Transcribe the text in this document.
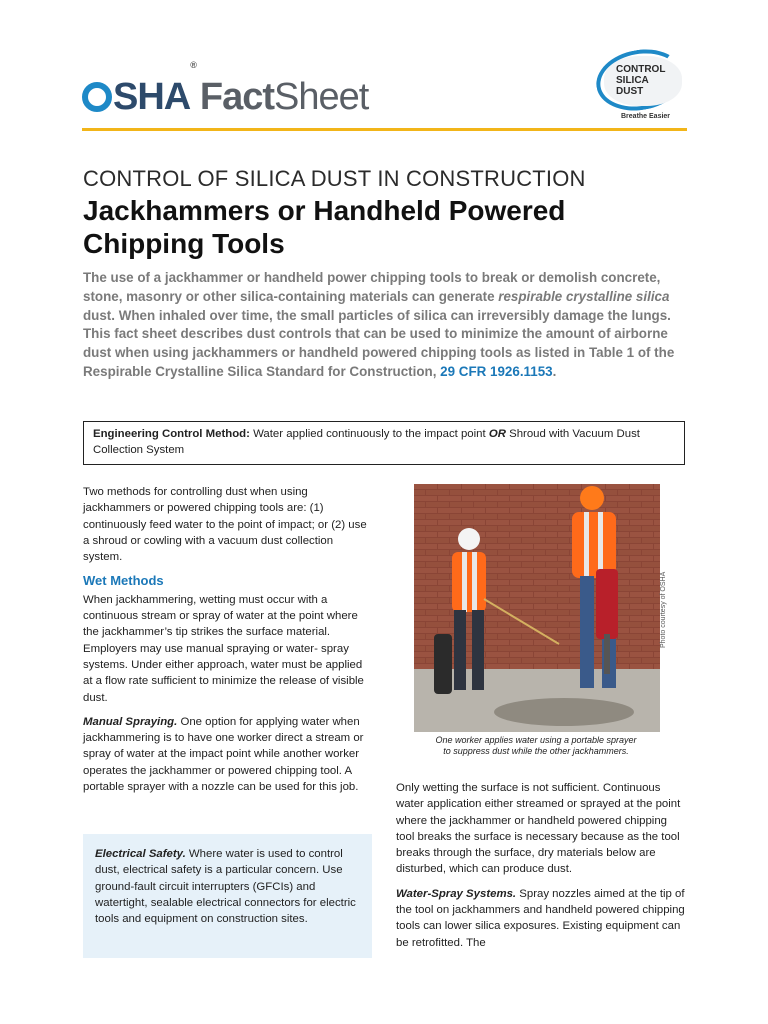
SHA®
Fact Sheet
CONTROL
SILICA
DUST
Breathe Easier
CONTROL OF SILICA DUST IN CONSTRUCTION
Jackhammers or Handheld Powered
Chipping Tools
The use of a jackhammer or handheld power chipping tools to break or demolish concrete, stone, masonry or other silica-containing materials can generate respirable crystalline silica dust. When inhaled over time, the small particles of silica can irreversibly damage the lungs. This fact sheet describes dust controls that can be used to minimize the amount of airborne dust when using jackhammers or handheld powered chipping tools as listed in Table 1 of the Respirable Crystalline Silica Standard for Construction, 29 CFR 1926.1153.
Engineering Control Method: Water applied continuously to the impact point OR Shroud with Vacuum Dust Collection System

Two methods for controlling dust when using jackhammers or powered chipping tools are: (1) continuously feed water to the point of impact; or (2) use a shroud or cowling with a vacuum dust collection system.

Wet Methods

When jackhammering, wetting must occur with a continuous stream or spray of water at the point where the jackhammer’s tip strikes the surface material. Employers may use manual spraying or water- spray systems. Under either approach, water must be applied at a flow rate sufficient to minimize the release of visible dust.

Manual Spraying. One option for applying water when jackhammering is to have one worker direct a stream or spray of water at the impact point while another worker operates the jackhammer or powered chipping tool. A portable sprayer with a nozzle can be used for this job.

Electrical Safety. Where water is used to control dust, electrical safety is a particular concern. Use ground-fault circuit interrupters (GFCIs) and watertight, sealable electrical connectors for electric tools and equipment on construction sites.
Photo courtesy of OSHA
One worker applies water using a portable sprayer
to suppress dust while the other jackhammers.

Only wetting the surface is not sufficient. Continuous water application either streamed or sprayed at the point where the jackhammer or handheld powered chipping tool breaks the surface is necessary because as the tool breaks through the surface, dry materials below are disturbed, which can produce dust.

Water-Spray Systems. Spray nozzles aimed at the tip of the tool on jackhammers and handheld powered chipping tools can lower silica exposures. Existing equipment can be retrofitted. The
